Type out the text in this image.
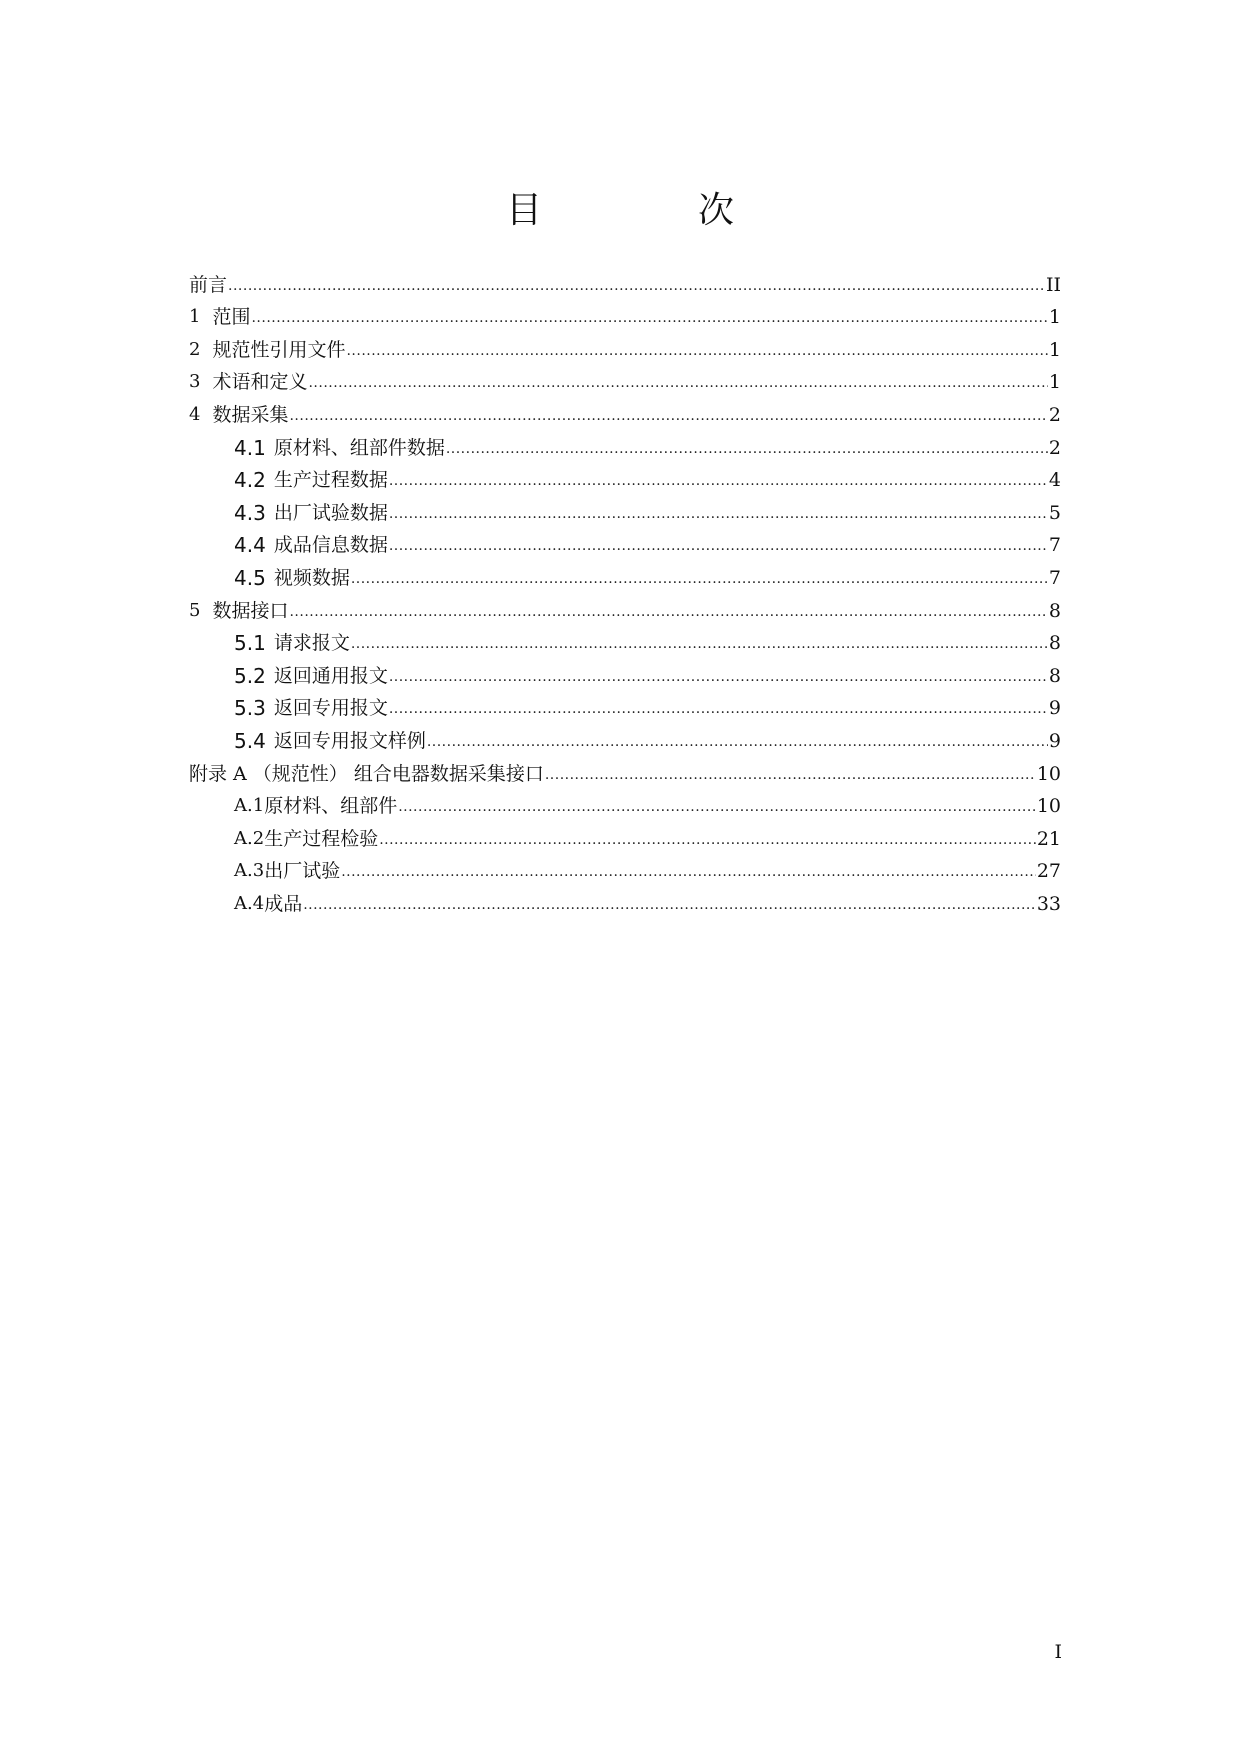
目　次
前言 .....	II
1 范围 .....	1
2 规范性引用文件 .....	1
3 术语和定义 .....	1
4 数据采集 .....	2
4.1 原材料、组部件数据 .....	2
4.2 生产过程数据 .....	4
4.3 出厂试验数据 .....	5
4.4 成品信息数据 .....	7
4.5 视频数据 .....	7
5 数据接口 .....	8
5.1 请求报文 .....	8
5.2 返回通用报文 .....	8
5.3 返回专用报文 .....	9
5.4 返回专用报文样例 .....	9
附录 A （规范性） 组合电器数据采集接口 .....	10
A.1 原材料、组部件 .....	10
A.2 生产过程检验 .....	21
A.3 出厂试验 .....	27
A.4 成品 .....	33
I
